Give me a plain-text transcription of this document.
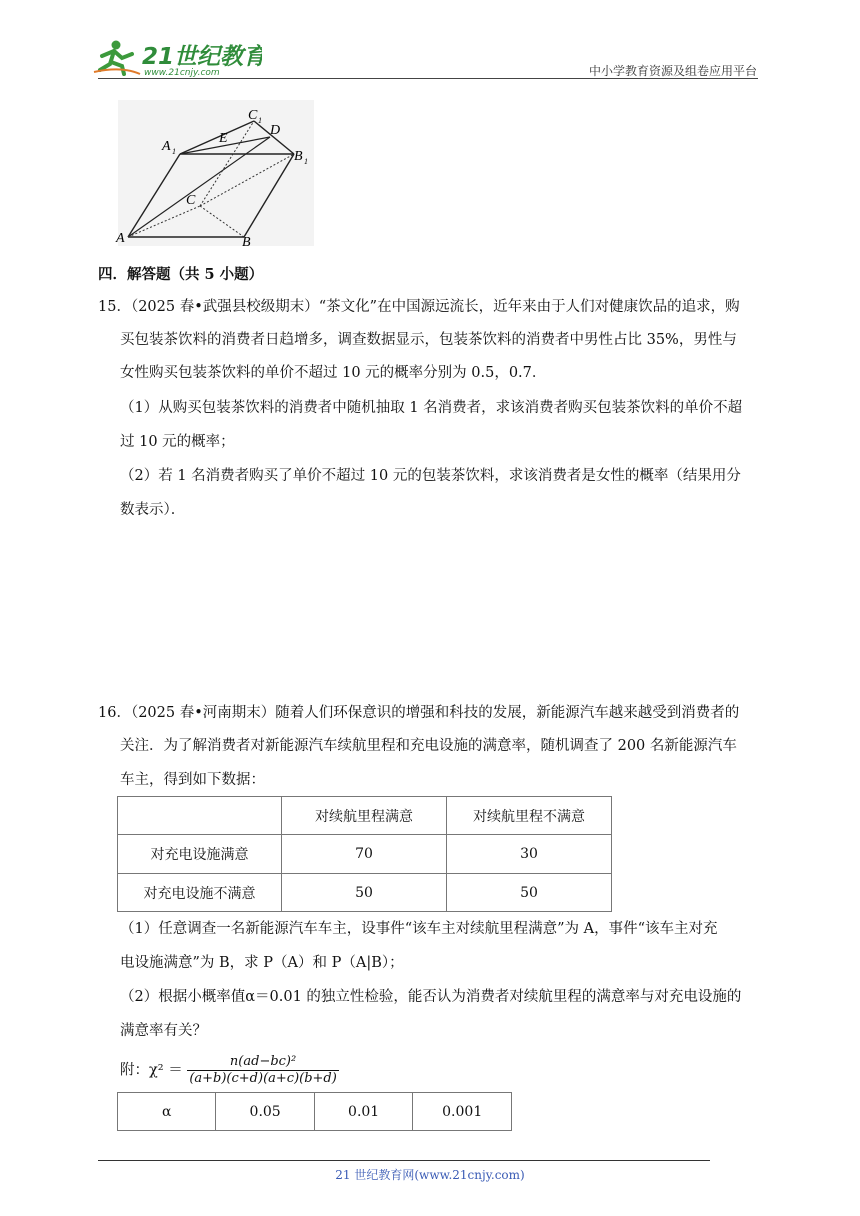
21世纪教育
www.21cnjy.com	中小学教育资源及组卷应用平台
A	B
C
A 1	B 1
C 1
D
E
四．解答题（共 5 小题）
15．（2025 春•武强县校级期末）“茶文化”在中国源远流长，近年来由于人们对健康饮品的追求，购
买包装茶饮料的消费者日趋增多，调查数据显示，包装茶饮料的消费者中男性占比 35%，男性与
女性购买包装茶饮料的单价不超过 10 元的概率分别为 0.5，0.7．
（1）从购买包装茶饮料的消费者中随机抽取 1 名消费者，求该消费者购买包装茶饮料的单价不超
过 10 元的概率；
（2）若 1 名消费者购买了单价不超过 10 元的包装茶饮料，求该消费者是女性的概率（结果用分
数表示）．
16．（2025 春•河南期末）随着人们环保意识的增强和科技的发展，新能源汽车越来越受到消费者的
关注．为了解消费者对新能源汽车续航里程和充电设施的满意率，随机调查了 200 名新能源汽车
车主，得到如下数据：
	对续航里程满意	对续航里程不满意
对充电设施满意	70	30
对充电设施不满意	50	50
（1）任意调查一名新能源汽车车主，设事件“该车主对续航里程满意”为 A，事件“该车主对充
电设施满意”为 B，求 P（A）和 P（A|B）；
（2）根据小概率值α＝0.01 的独立性检验，能否认为消费者对续航里程的满意率与对充电设施的
满意率有关？
附：$\chi^2 = \frac{\text{n(ad−bc)²}}{(a+b)(c+d)(a+c)(b+d)}$
α	0.05	0.01	0.001
21 世纪教育网(www.21cnjy.com)
